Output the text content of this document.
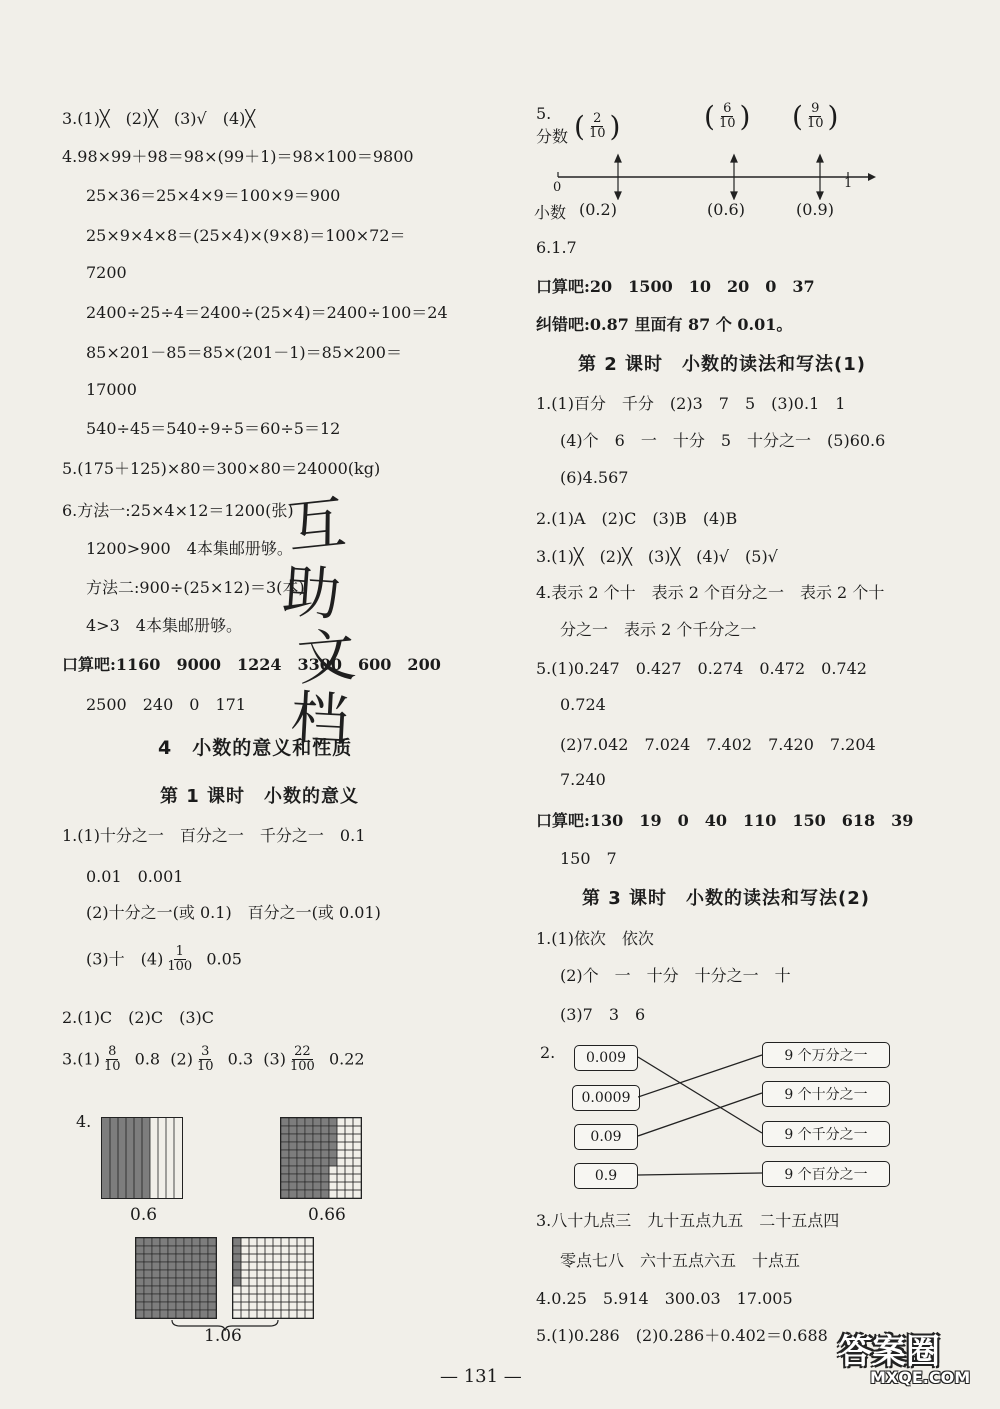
3.(1)╳　(2)╳　(3)√　(4)╳
4.98×99＋98＝98×(99＋1)＝98×100＝9800
25×36＝25×4×9＝100×9＝900
25×9×4×8＝(25×4)×(9×8)＝100×72＝
7200
2400÷25÷4＝2400÷(25×4)＝2400÷100＝24
85×201－85＝85×(201－1)＝85×200＝
17000
540÷45＝540÷9÷5＝60÷5＝12
5.(175＋125)×80＝300×80＝24000(kg)
6.方法一:25×4×12＝1200(张)
1200>900　4本集邮册够。
方法二:900÷(25×12)＝3(本)
4>3　4本集邮册够。
口算吧:1160　9000　1224　3300　600　200
2500　240　0　171
4　小数的意义和性质
第 1 课时　小数的意义
1.(1)十分之一　百分之一　千分之一　0.1
0.01　0.001
(2)十分之一(或 0.1)　百分之一(或 0.01)
(3)十　$(4) \frac{1}{100} 0.05$
2.(1)C　(2)C　(3)C
$3.(1) \frac{8}{10} 0.8$ $(2) \frac{3}{10} 0.3$ $(3) \frac{22}{100} 0.22$
4.
0.6	0.66
1.06
互
助
文
档
5.
分数 ( $\frac{2}{10}$ )	( $\frac{6}{10}$ ) ( $\frac{9}{10}$ )
0	1
小数 (0.2)	(0.6)	(0.9)
6.1.7
口算吧:20　1500　10　20　0　37
纠错吧:0.87 里面有 87 个 0.01。
第 2 课时　小数的读法和写法(1)
1.(1)百分　千分　(2)3　7　5　(3)0.1　1
(4)个　6　一　十分　5　十分之一　(5)60.6
(6)4.567
2.(1)A　(2)C　(3)B　(4)B
3.(1)╳　(2)╳　(3)╳　(4)√　(5)√
4.表示 2 个十　表示 2 个百分之一　表示 2 个十
分之一　表示 2 个千分之一
5.(1)0.247　0.427　0.274　0.472　0.742
0.724
(2)7.042　7.024　7.402　7.420　7.204
7.240
口算吧:130　19　0　40　110　150　618　39
150　7
第 3 课时　小数的读法和写法(2)
1.(1)依次　依次
(2)个　一　十分　十分之一　十
(3)7　3　6
2.	0.009
0.0009
0.09
0.9
9 个万分之一
9 个十分之一
9 个千分之一
9 个百分之一
3.八十九点三　九十五点九五　二十五点四
零点七八　六十五点六五　十点五
4.0.25　5.914　300.03　17.005
5.(1)0.286　(2)0.286＋0.402＝0.688
— 131 —
答案圈
MXQE.COM
